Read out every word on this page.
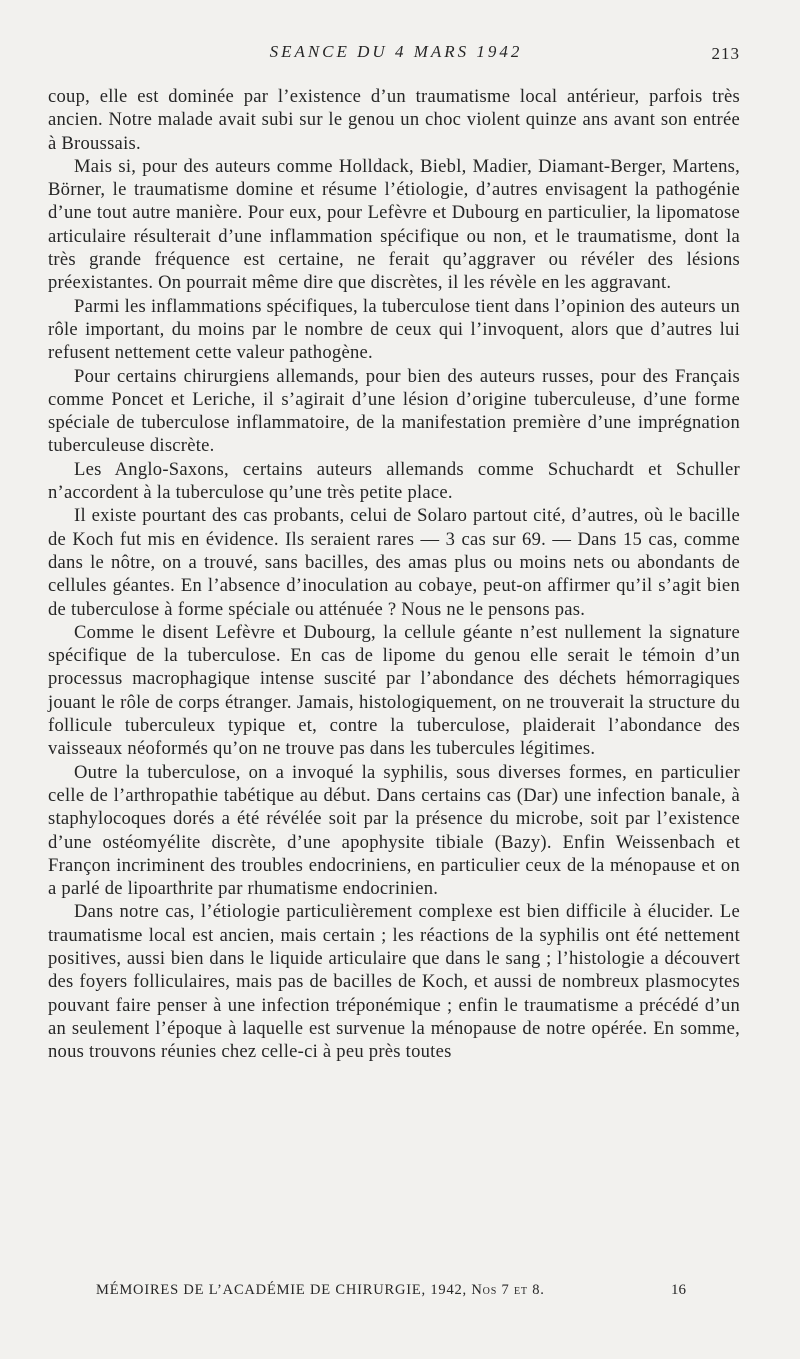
SEANCE DU 4 MARS 1942	213

coup, elle est dominée par l’existence d’un traumatisme local antérieur, parfois très ancien. Notre malade avait subi sur le genou un choc violent quinze ans avant son entrée à Broussais.

Mais si, pour des auteurs comme Holldack, Biebl, Madier, Diamant-Berger, Martens, Börner, le traumatisme domine et résume l’étiologie, d’autres envisagent la pathogénie d’une tout autre manière. Pour eux, pour Lefèvre et Dubourg en particulier, la lipomatose articulaire résulterait d’une inflammation spécifique ou non, et le traumatisme, dont la très grande fréquence est certaine, ne ferait qu’aggraver ou révéler des lésions préexistantes. On pourrait même dire que discrètes, il les révèle en les aggravant.

Parmi les inflammations spécifiques, la tuberculose tient dans l’opinion des auteurs un rôle important, du moins par le nombre de ceux qui l’invoquent, alors que d’autres lui refusent nettement cette valeur pathogène.

Pour certains chirurgiens allemands, pour bien des auteurs russes, pour des Français comme Poncet et Leriche, il s’agirait d’une lésion d’origine tuberculeuse, d’une forme spéciale de tuberculose inflammatoire, de la manifestation première d’une imprégnation tuberculeuse discrète.

Les Anglo-Saxons, certains auteurs allemands comme Schuchardt et Schuller n’accordent à la tuberculose qu’une très petite place.

Il existe pourtant des cas probants, celui de Solaro partout cité, d’autres, où le bacille de Koch fut mis en évidence. Ils seraient rares — 3 cas sur 69. — Dans 15 cas, comme dans le nôtre, on a trouvé, sans bacilles, des amas plus ou moins nets ou abondants de cellules géantes. En l’absence d’inoculation au cobaye, peut-on affirmer qu’il s’agit bien de tuberculose à forme spéciale ou atténuée ? Nous ne le pensons pas.

Comme le disent Lefèvre et Dubourg, la cellule géante n’est nullement la signature spécifique de la tuberculose. En cas de lipome du genou elle serait le témoin d’un processus macrophagique intense suscité par l’abondance des déchets hémorragiques jouant le rôle de corps étranger. Jamais, histologiquement, on ne trouverait la structure du follicule tuberculeux typique et, contre la tuberculose, plaiderait l’abondance des vaisseaux néoformés qu’on ne trouve pas dans les tubercules légitimes.

Outre la tuberculose, on a invoqué la syphilis, sous diverses formes, en particulier celle de l’arthropathie tabétique au début. Dans certains cas (Dar) une infection banale, à staphylocoques dorés a été révélée soit par la présence du microbe, soit par l’existence d’une ostéomyélite discrète, d’une apophysite tibiale (Bazy). Enfin Weissenbach et Françon incriminent des troubles endocriniens, en particulier ceux de la ménopause et on a parlé de lipoarthrite par rhumatisme endocrinien.

Dans notre cas, l’étiologie particulièrement complexe est bien difficile à élucider. Le traumatisme local est ancien, mais certain ; les réactions de la syphilis ont été nettement positives, aussi bien dans le liquide articulaire que dans le sang ; l’histologie a découvert des foyers folliculaires, mais pas de bacilles de Koch, et aussi de nombreux plasmocytes pouvant faire penser à une infection tréponémique ; enfin le traumatisme a précédé d’un an seulement l’époque à laquelle est survenue la ménopause de notre opérée. En somme, nous trouvons réunies chez celle-ci à peu près toutes

MÉMOIRES DE L’ACADÉMIE DE CHIRURGIE, 1942, Nos 7 et 8.	16
